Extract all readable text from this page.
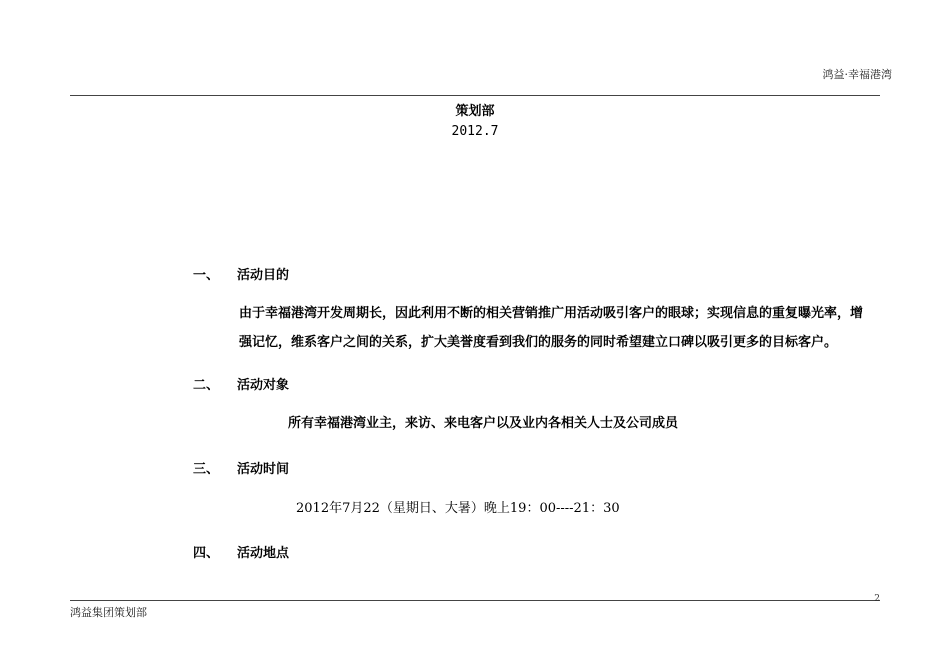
鸿益·幸福港湾
策划部
2012.7
一、 活动目的
由于幸福港湾开发周期长，因此利用不断的相关营销推广用活动吸引客户的眼球；实现信息的重复曝光率，增
强记忆，维系客户之间的关系，扩大美誉度看到我们的服务的同时希望建立口碑以吸引更多的目标客户。
二、 活动对象
所有幸福港湾业主，来访、来电客户以及业内各相关人士及公司成员
三、 活动时间
2012年7月22（星期日、大暑）晚上19：00----21：30
四、 活动地点
2
鸿益集团策划部
